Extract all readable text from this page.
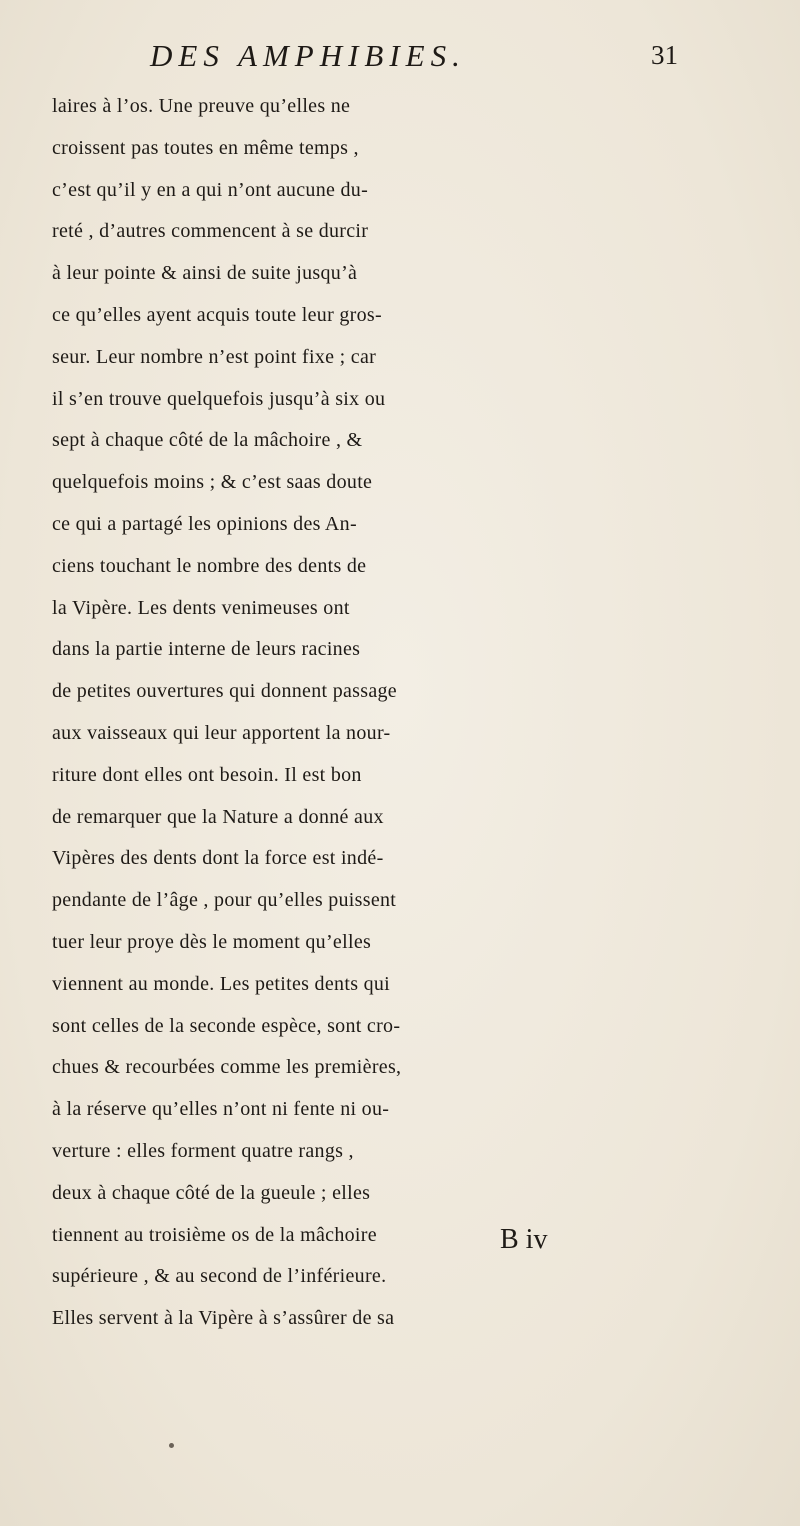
DES AMPHIBIES.	31
laires à l’os. Une preuve qu’elles ne
croissent pas toutes en même temps ,
c’est qu’il y en a qui n’ont aucune du-
reté , d’autres commencent à se durcir
à leur pointe & ainsi de suite jusqu’à
ce qu’elles ayent acquis toute leur gros-
seur. Leur nombre n’est point fixe ; car
il s’en trouve quelquefois jusqu’à six ou
sept à chaque côté de la mâchoire , &
quelquefois moins ; & c’est saas doute
ce qui a partagé les opinions des An-
ciens touchant le nombre des dents de
la Vipère. Les dents venimeuses ont
dans la partie interne de leurs racines
de petites ouvertures qui donnent passage
aux vaisseaux qui leur apportent la nour-
riture dont elles ont besoin. Il est bon
de remarquer que la Nature a donné aux
Vipères des dents dont la force est indé-
pendante de l’âge , pour qu’elles puissent
tuer leur proye dès le moment qu’elles
viennent au monde. Les petites dents qui
sont celles de la seconde espèce, sont cro-
chues & recourbées comme les premières,
à la réserve qu’elles n’ont ni fente ni ou-
verture : elles forment quatre rangs ,
deux à chaque côté de la gueule ; elles
tiennent au troisième os de la mâchoire
supérieure , & au second de l’inférieure.
Elles servent à la Vipère à s’assûrer de sa
B iv
